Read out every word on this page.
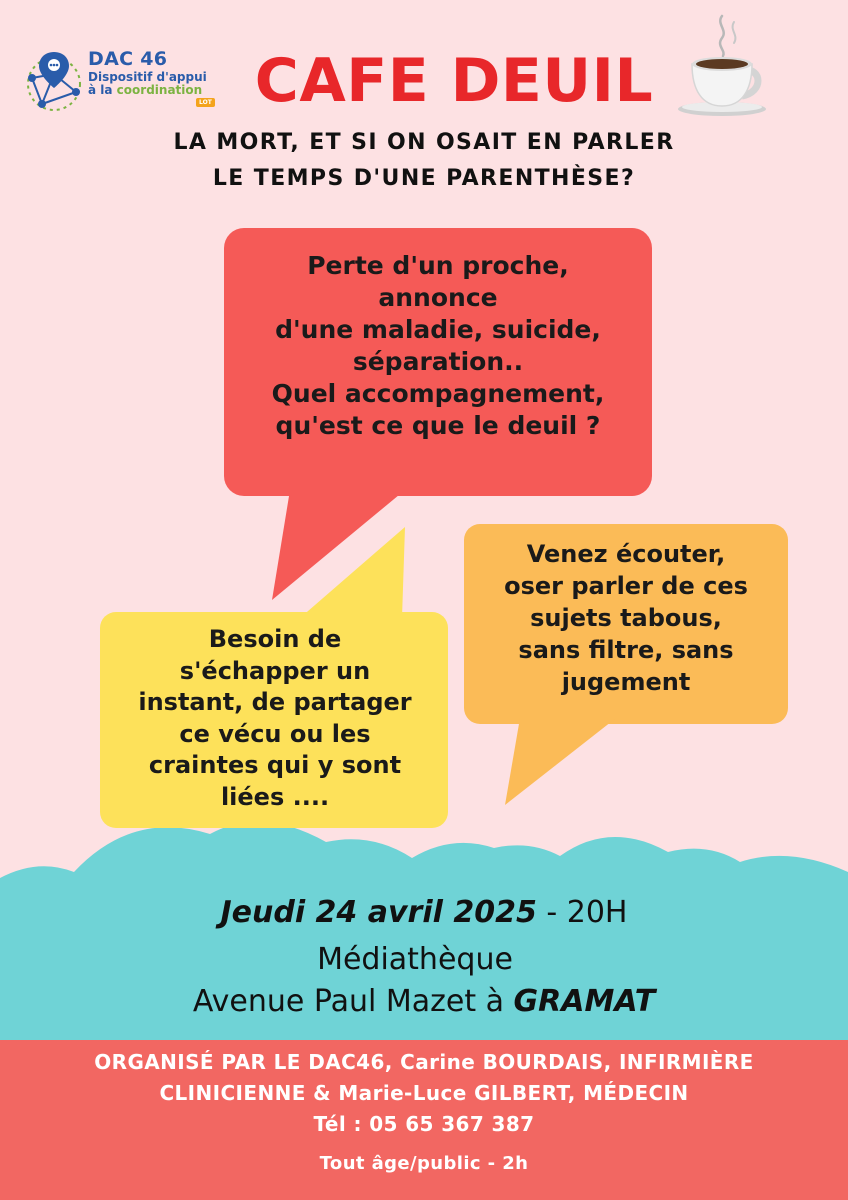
DAC 46
Dispositif d'appui
à la coordination
LOT CAFE DEUIL
LA MORT, ET SI ON OSAIT EN PARLER
LE TEMPS D'UNE PARENTHÈSE?
Perte d'un proche,
annonce
d'une maladie, suicide,
séparation..
Quel accompagnement,
qu'est ce que le deuil ?
Besoin de
s'échapper un
instant, de partager
ce vécu ou les
craintes qui y sont
liées ....
Venez écouter,
oser parler de ces
sujets tabous,
sans filtre, sans
jugement
Jeudi 24 avril 2025 - 20H
Médiathèque
Avenue Paul Mazet à GRAMAT
ORGANISÉ PAR LE DAC46, Carine BOURDAIS, INFIRMIÈRE
CLINICIENNE & Marie-Luce GILBERT, MÉDECIN
Tél : 05 65 367 387
Tout âge/public - 2h
